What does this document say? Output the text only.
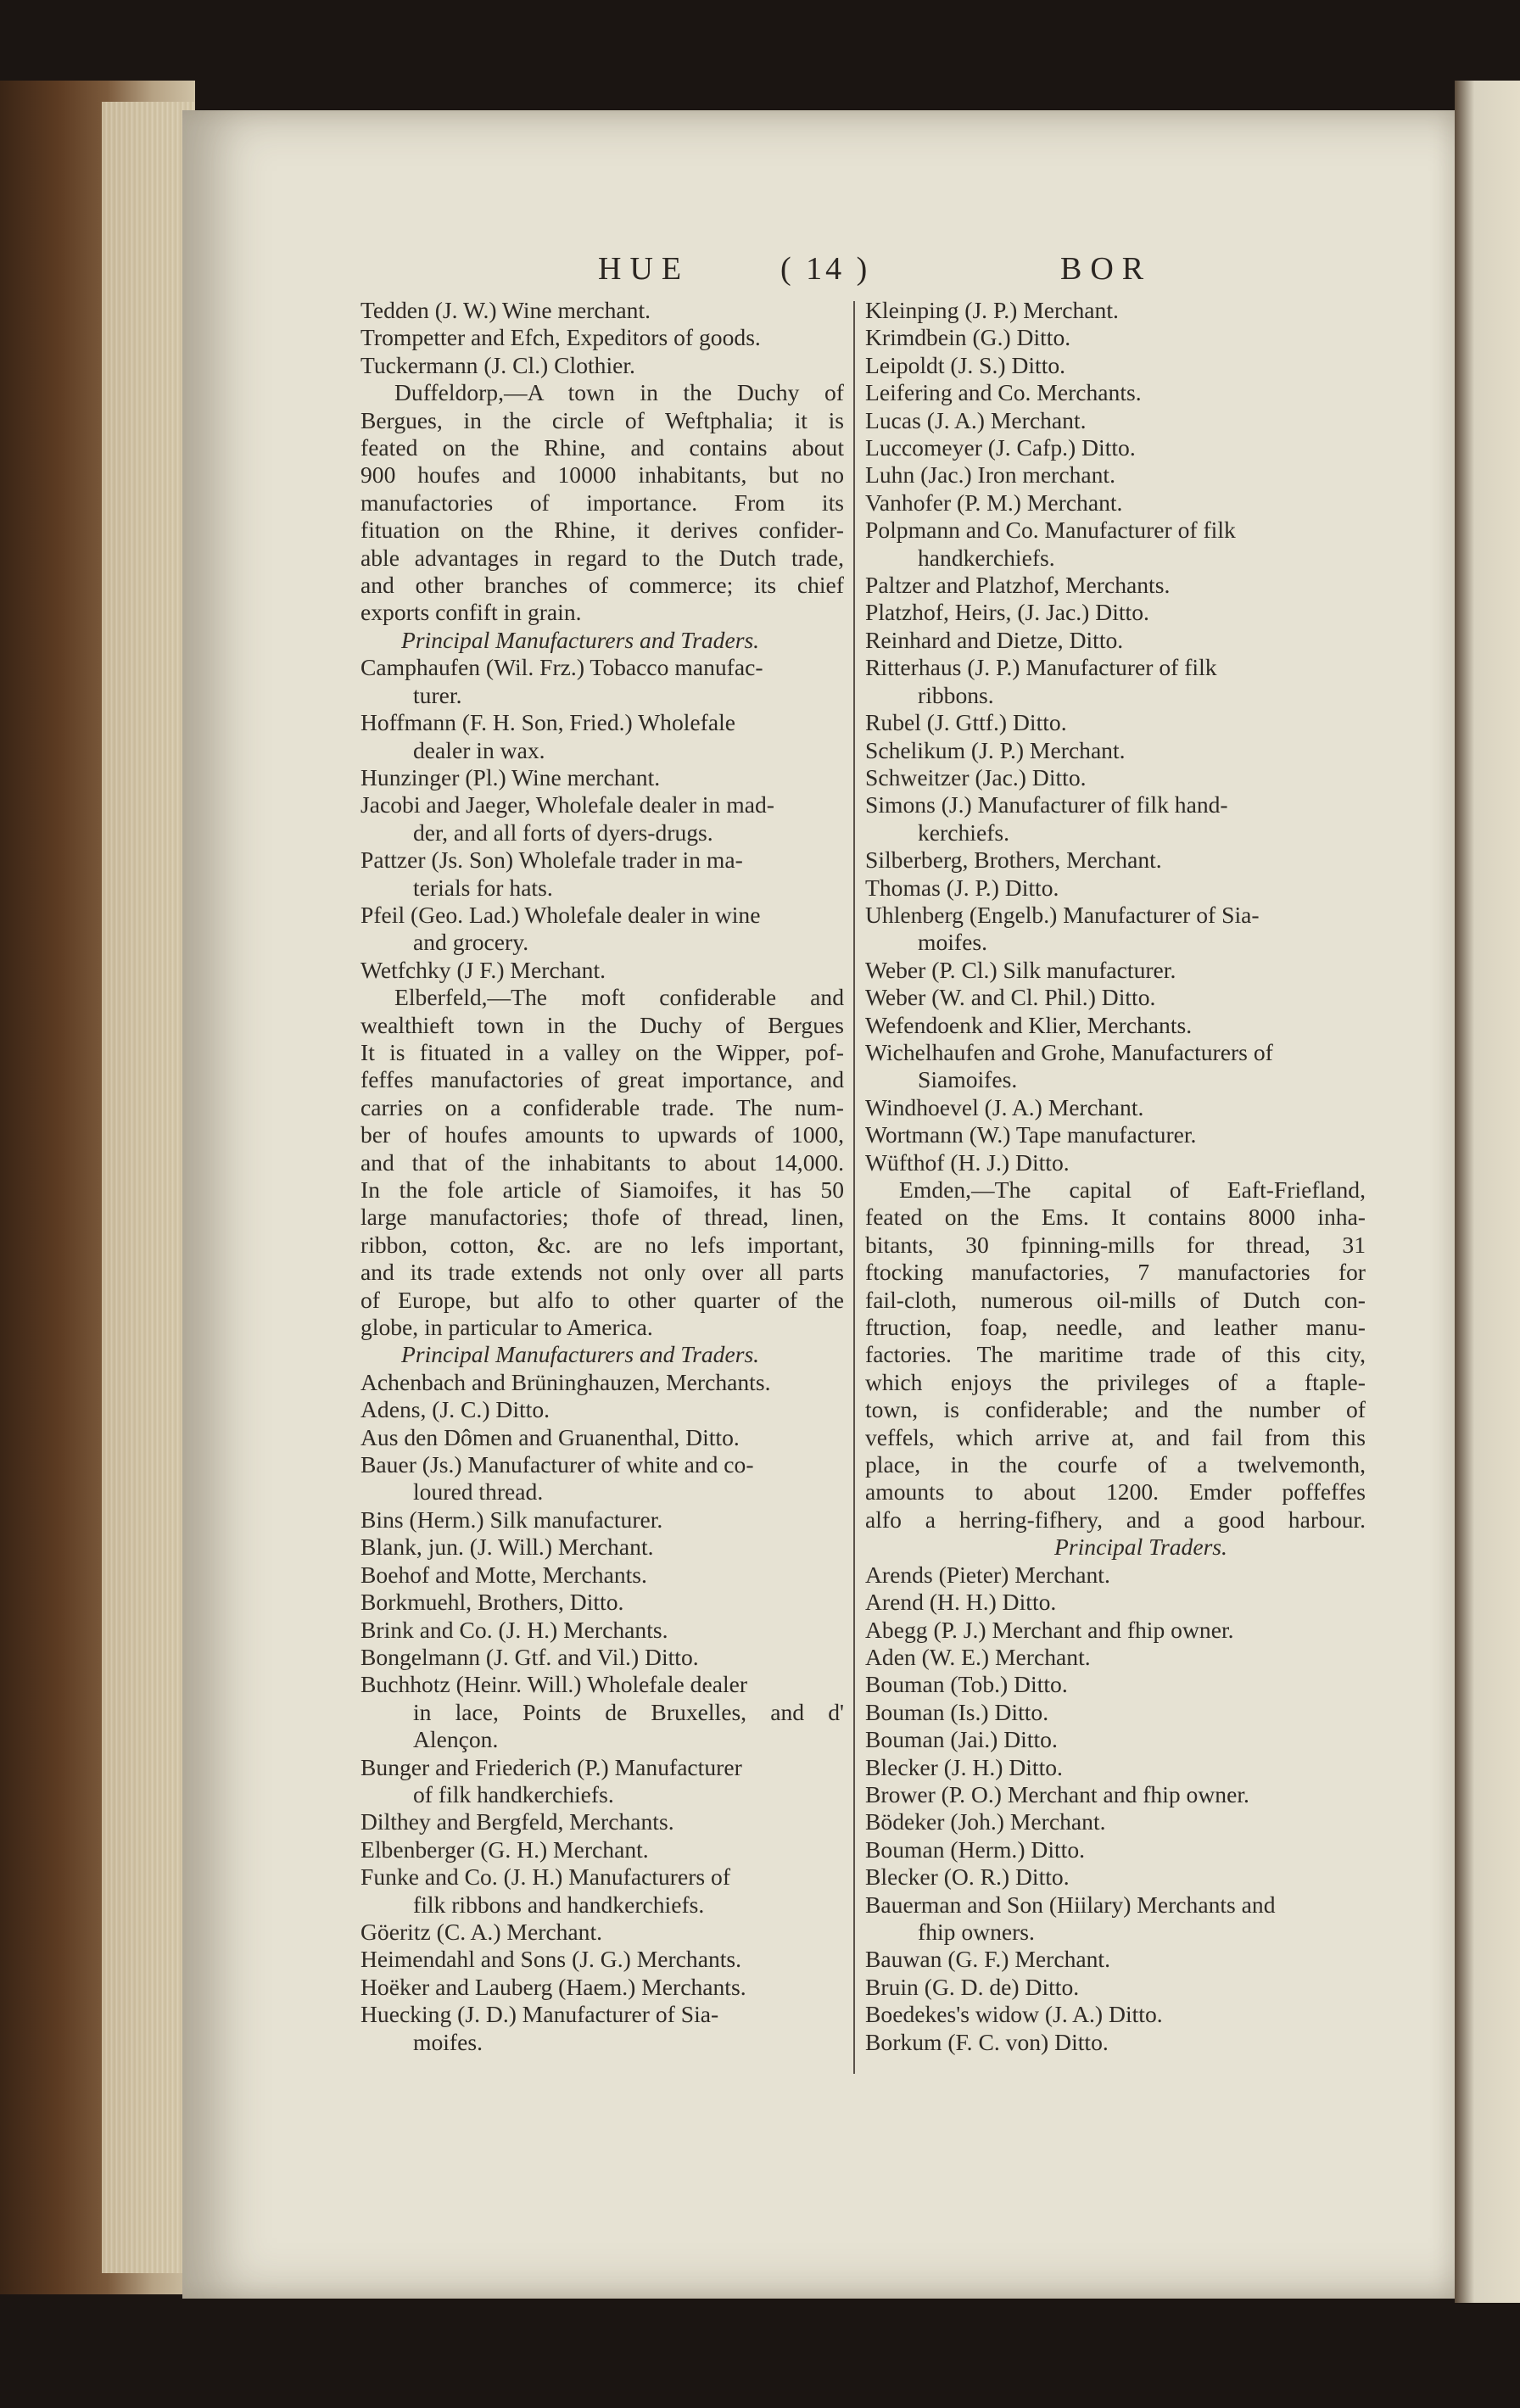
HUE	( 14 )	BOR
Tedden (J. W.) Wine merchant.
Trompetter and Efch, Expeditors of goods.
Tuckermann (J. Cl.) Clothier.
Duffeldorp,—A town in the Duchy of
Bergues, in the circle of Weftphalia; it is
feated on the Rhine, and contains about
900 houfes and 10000 inhabitants, but no
manufactories of importance. From its
fituation on the Rhine, it derives confider-
able advantages in regard to the Dutch trade,
and other branches of commerce; its chief
exports confift in grain.
Principal Manufacturers and Traders.
Camphaufen (Wil. Frz.) Tobacco manufac-
turer.
Hoffmann (F. H. Son, Fried.) Wholefale
dealer in wax.
Hunzinger (Pl.) Wine merchant.
Jacobi and Jaeger, Wholefale dealer in mad-
der, and all forts of dyers-drugs.
Pattzer (Js. Son) Wholefale trader in ma-
terials for hats.
Pfeil (Geo. Lad.) Wholefale dealer in wine
and grocery.
Wetfchky (J F.) Merchant.
Elberfeld,—The moft confiderable and
wealthieft town in the Duchy of Bergues
It is fituated in a valley on the Wipper, pof-
feffes manufactories of great importance, and
carries on a confiderable trade. The num-
ber of houfes amounts to upwards of 1000,
and that of the inhabitants to about 14,000.
In the fole article of Siamoifes, it has 50
large manufactories; thofe of thread, linen,
ribbon, cotton, &c. are no lefs important,
and its trade extends not only over all parts
of Europe, but alfo to other quarter of the
globe, in particular to America.
Principal Manufacturers and Traders.
Achenbach and Brüninghauzen, Merchants.
Adens, (J. C.) Ditto.
Aus den Dômen and Gruanenthal, Ditto.
Bauer (Js.) Manufacturer of white and co-
loured thread.
Bins (Herm.) Silk manufacturer.
Blank, jun. (J. Will.) Merchant.
Boehof and Motte, Merchants.
Borkmuehl, Brothers, Ditto.
Brink and Co. (J. H.) Merchants.
Bongelmann (J. Gtf. and Vil.) Ditto.
Buchhotz (Heinr. Will.) Wholefale dealer
in lace, Points de Bruxelles, and d'
Alençon.
Bunger and Friederich (P.) Manufacturer
of filk handkerchiefs.
Dilthey and Bergfeld, Merchants.
Elbenberger (G. H.) Merchant.
Funke and Co. (J. H.) Manufacturers of
filk ribbons and handkerchiefs.
Göeritz (C. A.) Merchant.
Heimendahl and Sons (J. G.) Merchants.
Hoëker and Lauberg (Haem.) Merchants.
Huecking (J. D.) Manufacturer of Sia-
moifes.
Kleinping (J. P.) Merchant.
Krimdbein (G.) Ditto.
Leipoldt (J. S.) Ditto.
Leifering and Co. Merchants.
Lucas (J. A.) Merchant.
Luccomeyer (J. Cafp.) Ditto.
Luhn (Jac.) Iron merchant.
Vanhofer (P. M.) Merchant.
Polpmann and Co. Manufacturer of filk
handkerchiefs.
Paltzer and Platzhof, Merchants.
Platzhof, Heirs, (J. Jac.) Ditto.
Reinhard and Dietze, Ditto.
Ritterhaus (J. P.) Manufacturer of filk
ribbons.
Rubel (J. Gttf.) Ditto.
Schelikum (J. P.) Merchant.
Schweitzer (Jac.) Ditto.
Simons (J.) Manufacturer of filk hand-
kerchiefs.
Silberberg, Brothers, Merchant.
Thomas (J. P.) Ditto.
Uhlenberg (Engelb.) Manufacturer of Sia-
moifes.
Weber (P. Cl.) Silk manufacturer.
Weber (W. and Cl. Phil.) Ditto.
Wefendoenk and Klier, Merchants.
Wichelhaufen and Grohe, Manufacturers of
Siamoifes.
Windhoevel (J. A.) Merchant.
Wortmann (W.) Tape manufacturer.
Wüfthof (H. J.) Ditto.
Emden,—The capital of Eaft-Friefland,
feated on the Ems. It contains 8000 inha-
bitants, 30 fpinning-mills for thread, 31
ftocking manufactories, 7 manufactories for
fail-cloth, numerous oil-mills of Dutch con-
ftruction, foap, needle, and leather manu-
factories. The maritime trade of this city,
which enjoys the privileges of a ftaple-
town, is confiderable; and the number of
veffels, which arrive at, and fail from this
place, in the courfe of a twelvemonth,
amounts to about 1200. Emder poffeffes
alfo a herring-fifhery, and a good harbour.
Principal Traders.
Arends (Pieter) Merchant.
Arend (H. H.) Ditto.
Abegg (P. J.) Merchant and fhip owner.
Aden (W. E.) Merchant.
Bouman (Tob.) Ditto.
Bouman (Is.) Ditto.
Bouman (Jai.) Ditto.
Blecker (J. H.) Ditto.
Brower (P. O.) Merchant and fhip owner.
Bödeker (Joh.) Merchant.
Bouman (Herm.) Ditto.
Blecker (O. R.) Ditto.
Bauerman and Son (Hiilary) Merchants and
fhip owners.
Bauwan (G. F.) Merchant.
Bruin (G. D. de) Ditto.
Boedekes's widow (J. A.) Ditto.
Borkum (F. C. von) Ditto.
